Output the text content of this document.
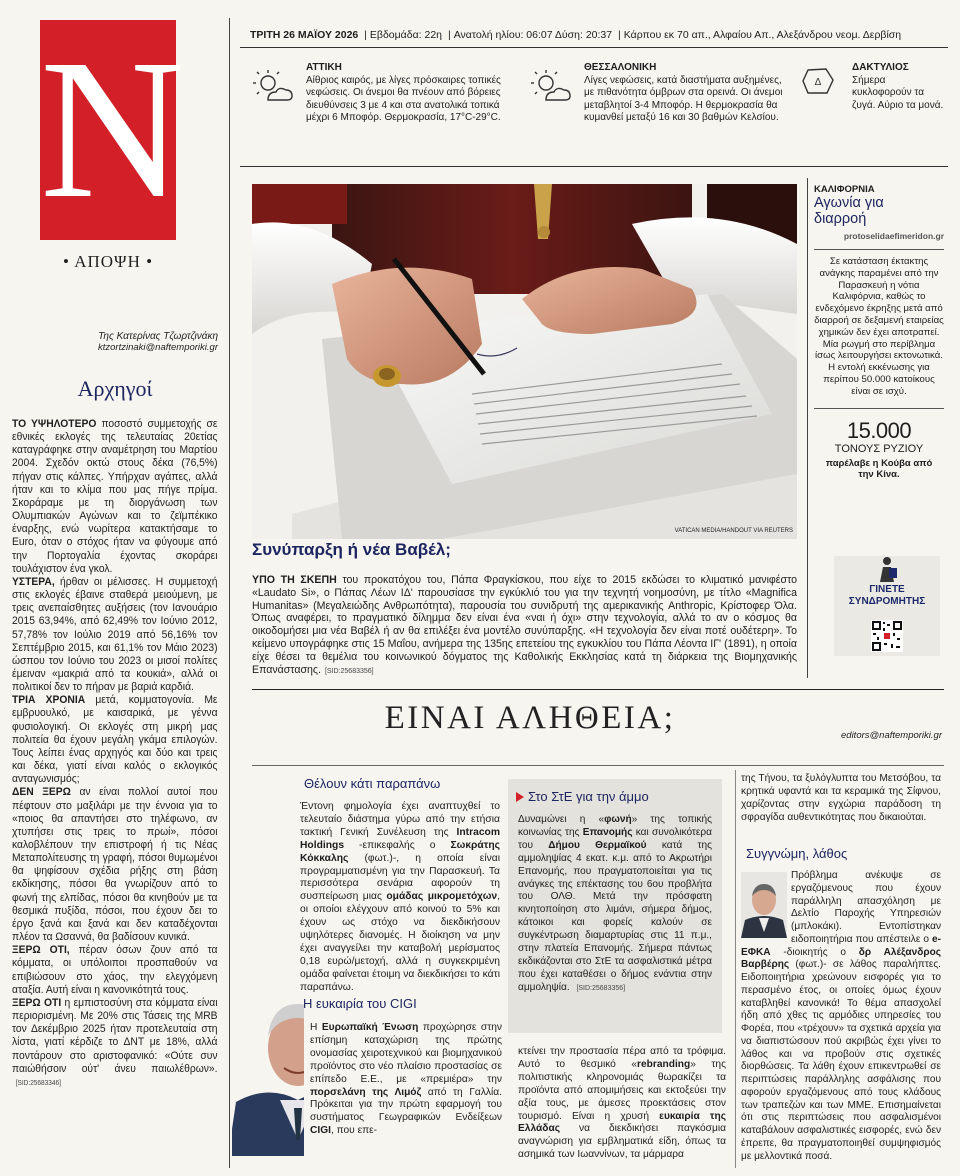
N
• ΑΠΟΨΗ •
Της Κατερίνας Τζωρτζινάκη
ktzortzinaki@naftemporiki.gr
Αρχηγοί
ΤΟ ΥΨΗΛΟΤΕΡΟ ποσοστό συμμετοχής σε εθνικές εκλογές της τελευταίας 20ετίας καταγράφηκε στην αναμέτρηση του Μαρτίου 2004. Σχεδόν οκτώ στους δέκα (76,5%) πήγαν στις κάλπες. Υπήρχαν αγάπες, αλλά ήταν και το κλίμα που μας πήγε πρίμα. Σκοράραμε με τη διοργάνωση των Ολυμπιακών Αγώνων και το ζεϊμπέκικο έναρξης, ενώ νωρίτερα κατακτήσαμε το Euro, όταν ο στόχος ήταν να φύγουμε από την Πορτογαλία έχοντας σκοράρει τουλάχιστον ένα γκολ.
ΥΣΤΕΡΑ, ήρθαν οι μέλισσες. Η συμμετοχή στις εκλογές έβαινε σταθερά μειούμενη, με τρεις ανεπαίσθητες αυξήσεις (τον Ιανουάριο 2015 63,94%, από 62,49% τον Ιούνιο 2012, 57,78% τον Ιούλιο 2019 από 56,16% τον Σεπτέμβριο 2015, και 61,1% τον Μάιο 2023) ώσπου τον Ιούνιο του 2023 οι μισοί πολίτες έμειναν «μακριά από τα κουκιά», αλλά οι πολιτικοί δεν το πήραν με βαριά καρδιά.
ΤΡΙΑ ΧΡΟΝΙΑ μετά, κομματογονία. Με εμβρυουλκό, με καισαρικά, με γέννα φυσιολογική. Οι εκλογές στη μικρή μας πολιτεία θα έχουν μεγάλη γκάμα επιλογών. Τους λείπει ένας αρχηγός και δύο και τρεις και δέκα, γιατί είναι καλός ο εκλογικός ανταγωνισμός;
ΔΕΝ ΞΕΡΩ αν είναι πολλοί αυτοί που πέφτουν στο μαξιλάρι με την έννοια για το «ποιος θα απαντήσει στο τηλέφωνο, αν χτυπήσει στις τρεις το πρωί», πόσοι καλοβλέπουν την επιστροφή ή τις Νέας Μεταπολίτευσης τη γραφή, πόσοι θυμωμένοι θα ψηφίσουν σχέδια ρήξης στη βάση εκδίκησης, πόσοι θα γνωρίζουν από το φωνή της ελπίδας, πόσοι θα κινηθούν με τα θεσμικά πυξίδα, πόσοι, που έχουν δει το έργο ξανά και ξανά και δεν καταδέχονται πλέον τα Ωσαννά, θα βαδίσουν κυνικά.
ΞΕΡΩ ΟΤΙ, πέραν όσων ζουν από τα κόμματα, οι υπόλοιποι προσπαθούν να επιβιώσουν στο χάος, την ελεγχόμενη αταξία. Αυτή είναι η κανονικότητά τους.
ΞΕΡΩ ΟΤΙ η εμπιστοσύνη στα κόμματα είναι περιορισμένη. Με 20% στις Τάσεις της MRB τον Δεκέμβριο 2025 ήταν προτελευταία στη λίστα, γιατί κέρδιζε το ΔΝΤ με 18%, αλλά ποντάρουν στο αριστοφανικό: «Ούτε συν παιώθήσοιν ούτ' άνευ παιωλέθρων».[SID:25683346]
ΤΡΙΤΗ 26 ΜΑΪΟΥ 2026 | Εβδομάδα: 22η | Ανατολή ηλίου: 06:07 Δύση: 20:37 | Κάρπου εκ 70 απ., Αλφαίου Απ., Αλεξάνδρου νεομ. Δερβίση
ΑΤΤΙΚΗ
Αίθριος καιρός, με λίγες πρόσκαιρες τοπικές νεφώσεις. Οι άνεμοι θα πνέουν από βόρειες διευθύνσεις 3 με 4 και στα ανατολικά τοπικά μέχρι 6 Μποφόρ. Θερμοκρασία, 17°C-29°C.
ΘΕΣΣΑΛΟΝΙΚΗ
Λίγες νεφώσεις, κατά διαστήματα αυξημένες, με πιθανότητα όμβρων στα ορεινά. Οι άνεμοι μεταβλητοί 3-4 Μποφόρ. Η θερμοκρασία θα κυμανθεί μεταξύ 16 και 30 βαθμών Κελσίου.
Δ
ΔΑΚΤΥΛΙΟΣ
Σήμερα κυκλοφορούν τα ζυγά. Αύριο τα μονά.
VATICAN MEDIA/HANDOUT VIA REUTERS
Συνύπαρξη ή νέα Βαβέλ;
ΥΠΟ ΤΗ ΣΚΕΠΗ του προκατόχου του, Πάπα Φραγκίσκου, που είχε το 2015 εκδώσει το κλιματικό μανιφέστο «Laudato Si», ο Πάπας Λέων ΙΔ' παρουσίασε την εγκύκλιό του για την τεχνητή νοημοσύνη, με τίτλο «Magnifica Humanitas» (Μεγαλειώδης Ανθρωπότητα), παρουσία του συνιδρυτή της αμερικανικής Anthropic, Κρίστοφερ Όλα. Όπως αναφέρει, το πραγματικό δίλημμα δεν είναι ένα «ναι ή όχι» στην τεχνολογία, αλλά το αν ο κόσμος θα οικοδομήσει μια νέα Βαβέλ ή αν θα επιλέξει ένα μοντέλο συνύπαρξης. «Η τεχνολογία δεν είναι ποτέ ουδέτερη». Το κείμενο υπογράφηκε στις 15 Μαΐου, ανήμερα της 135ης επετείου της εγκυκλίου του Πάπα Λέοντα ΙΓ' (1891), η οποία είχε θέσει τα θεμέλια του κοινωνικού δόγματος της Καθολικής Εκκλησίας κατά τη διάρκεια της Βιομηχανικής Επανάστασης. [SID:25683356]
ΚΑΛΙΦΟΡΝΙΑ
Αγωνία για διαρροή
protoselidaefimeridon.gr
Σε κατάσταση έκτακτης ανάγκης παραμένει από την Παρασκευή η νότια Καλιφόρνια, καθώς το ενδεχόμενο έκρηξης μετά από διαρροή σε δεξαμενή εταιρείας χημικών δεν έχει αποτραπεί. Μία ρωγμή στο περίβλημα ίσως λειτουργήσει εκτονωτικά. Η εντολή εκκένωσης για περίπου 50.000 κατοίκους είναι σε ισχύ.
15.000
ΤΟΝΟΥΣ ΡΥΖΙΟΥ
παρέλαβε η Κούβα από την Κίνα.
ΓΙΝΕΤΕ ΣΥΝΔΡΟΜΗΤΗΣ
ΕΙΝΑΙ ΑΛΗΘΕΙΑ;	editors@naftemporiki.gr
Θέλουν κάτι παραπάνω
Έντονη φημολογία έχει αναπτυχθεί το τελευταίο διάστημα γύρω από την ετήσια τακτική Γενική Συνέλευση της Intracom Holdings -επικεφαλής ο Σωκράτης Κόκκαλης (φωτ.)-, η οποία είναι προγραμματισμένη για την Παρασκευή. Τα περισσότερα σενάρια αφορούν τη συσπείρωση μιας ομάδας μικρομετόχων, οι οποίοι ελέγχουν από κοινού το 5% και έχουν ως στόχο να διεκδικήσουν υψηλότερες διανομές. Η διοίκηση να μην έχει αναγγείλει την καταβολή μερίσματος 0,18 ευρώ/μετοχή, αλλά η συγκεκριμένη ομάδα φαίνεται έτοιμη να διεκδικήσει το κάτι παραπάνω.
Η ευκαιρία του CIGI
Η Ευρωπαϊκή Ένωση προχώρησε στην επίσημη καταχώριση της πρώτης ονομασίας χειροτεχνικού και βιομηχανικού προϊόντος στο νέο πλαίσιο προστασίας σε επίπεδο Ε.Ε., με «πρεμιέρα» την πορσελάνη της Λιμόζ από τη Γαλλία. Πρόκειται για την πρώτη εφαρμογή του συστήματος Γεωγραφικών Ενδείξεων CIGI, που επε-
Στο ΣτΕ για την άμμο
Δυναμώνει η «φωνή» της τοπικής κοινωνίας της Επανομής και συνολικότερα του Δήμου Θερμαϊκού κατά της αμμοληψίας 4 εκατ. κ.μ. από το Ακρωτήρι Επανομής, που πραγματοποιείται για τις ανάγκες της επέκτασης του 6ου προβλήτα του ΟΛΘ. Μετά την πρόσφατη κινητοποίηση στο λιμάνι, σήμερα δήμος, κάτοικοι και φορείς καλούν σε συγκέντρωση διαμαρτυρίας στις 11 π.μ., στην πλατεία Επανομής. Σήμερα πάντως εκδικάζονται στο ΣτΕ τα ασφαλιστικά μέτρα που έχει καταθέσει ο δήμος ενάντια στην αμμοληψία. [SID:25683356]
κτείνει την προστασία πέρα από τα τρόφιμα. Αυτό το θεσμικό «rebranding» της πολιτιστικής κληρονομιάς θωρακίζει τα προϊόντα από απομιμήσεις και εκτοξεύει την αξία τους, με άμεσες προεκτάσεις στον τουρισμό. Είναι η χρυσή ευκαιρία της Ελλάδας να διεκδικήσει παγκόσμια αναγνώριση για εμβληματικά είδη, όπως τα ασημικά των Ιωαννίνων, τα μάρμαρα
της Τήνου, τα ξυλόγλυπτα του Μετσόβου, τα κρητικά υφαντά και τα κεραμικά της Σίφνου, χαρίζοντας στην εγχώρια παράδοση τη σφραγίδα αυθεντικότητας που δικαιούται.
Συγγνώμη, λάθος
Πρόβλημα ανέκυψε σε εργαζόμενους που έχουν παράλληλη απασχόληση με Δελτίο Παροχής Υπηρεσιών (μπλοκάκι). Εντοπίστηκαν ειδοποιητήρια που απέστειλε ο e-ΕΦΚΑ -διοικητής ο δρ Αλέξανδρος Βαρβέρης (φωτ.)- σε λάθος παραλήπτες. Ειδοποιητήρια χρεώνουν εισφορές για το περασμένο έτος, οι οποίες όμως έχουν καταβληθεί κανονικά! Το θέμα απασχολεί ήδη από χθες τις αρμόδιες υπηρεσίες του Φορέα, που «τρέχουν» τα σχετικά αρχεία για να διαπιστώσουν πού ακριβώς έχει γίνει το λάθος και να προβούν στις σχετικές διορθώσεις. Τα λάθη έχουν επικεντρωθεί σε περιπτώσεις παράλληλης ασφάλισης που αφορούν εργαζόμενους από τους κλάδους των τραπεζών και των ΜΜΕ. Επισημαίνεται ότι στις περιπτώσεις που ασφαλισμένοι καταβάλουν ασφαλιστικές εισφορές, ενώ δεν έπρεπε, θα πραγματοποιηθεί συμψηφισμός με μελλοντικά ποσά.
